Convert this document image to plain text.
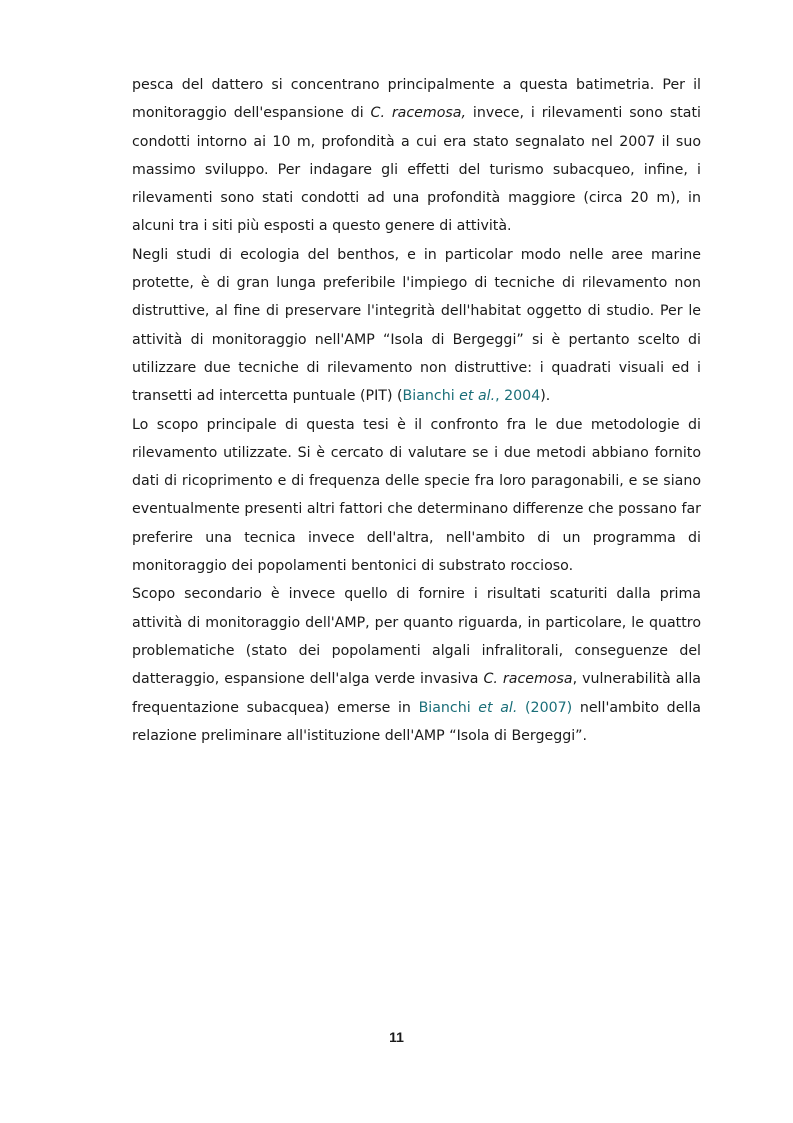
pesca del dattero si concentrano principalmente a questa batimetria. Per il monitoraggio dell'espansione di C. racemosa, invece, i rilevamenti sono stati condotti intorno ai 10 m, profondità a cui era stato segnalato nel 2007 il suo massimo sviluppo. Per indagare gli effetti del turismo subacqueo, infine, i rilevamenti sono stati condotti ad una profondità maggiore (circa 20 m), in alcuni tra i siti più esposti a questo genere di attività.

Negli studi di ecologia del benthos, e in particolar modo nelle aree marine protette, è di gran lunga preferibile l'impiego di tecniche di rilevamento non distruttive, al fine di preservare l'integrità dell'habitat oggetto di studio. Per le attività di monitoraggio nell'AMP “Isola di Bergeggi” si è pertanto scelto di utilizzare due tecniche di rilevamento non distruttive: i quadrati visuali ed i transetti ad intercetta puntuale (PIT) (Bianchi et al., 2004).

Lo scopo principale di questa tesi è il confronto fra le due metodologie di rilevamento utilizzate. Si è cercato di valutare se i due metodi abbiano fornito dati di ricoprimento e di frequenza delle specie fra loro paragonabili, e se siano eventualmente presenti altri fattori che determinano differenze che possano far preferire una tecnica invece dell'altra, nell'ambito di un programma di monitoraggio dei popolamenti bentonici di substrato roccioso.

Scopo secondario è invece quello di fornire i risultati scaturiti dalla prima attività di monitoraggio dell'AMP, per quanto riguarda, in particolare, le quattro problematiche (stato dei popolamenti algali infralitorali, conseguenze del datteraggio, espansione dell'alga verde invasiva C. racemosa, vulnerabilità alla frequentazione subacquea) emerse in Bianchi et al. (2007) nell'ambito della relazione preliminare all'istituzione dell'AMP “Isola di Bergeggi”.

11
